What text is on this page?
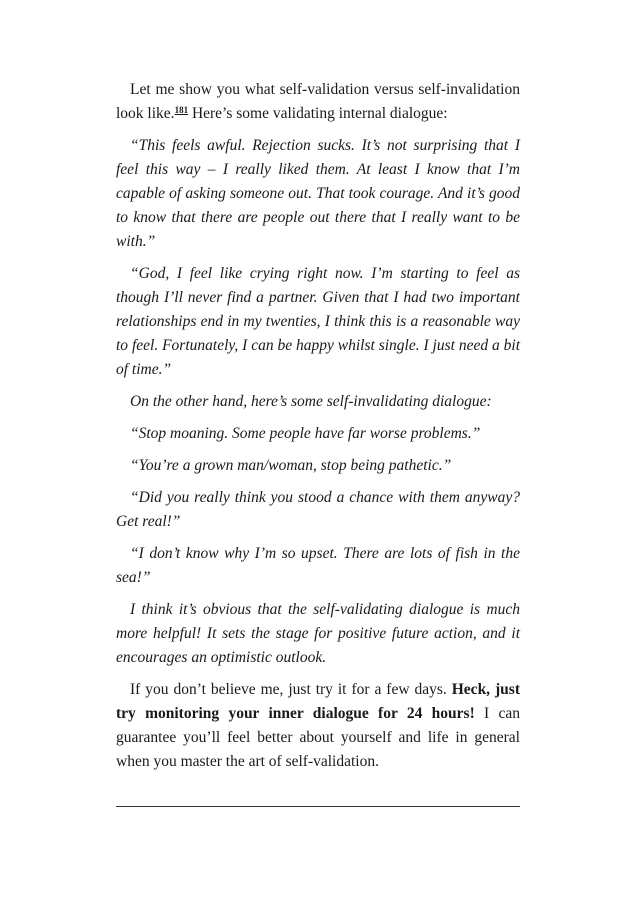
Let me show you what self-validation versus self-invalidation look like.$^{181}$ Here’s some validating internal dialogue:

“This feels awful. Rejection sucks. It’s not surprising that I feel this way – I really liked them. At least I know that I’m capable of asking someone out. That took courage. And it’s good to know that there are people out there that I really want to be with.”

“God, I feel like crying right now. I’m starting to feel as though I’ll never find a partner. Given that I had two important relationships end in my twenties, I think this is a reasonable way to feel. Fortunately, I can be happy whilst single. I just need a bit of time.”

On the other hand, here’s some self-invalidating dialogue:

“Stop moaning. Some people have far worse problems.”

“You’re a grown man/woman, stop being pathetic.”

“Did you really think you stood a chance with them anyway? Get real!”

“I don’t know why I’m so upset. There are lots of fish in the sea!”

I think it’s obvious that the self-validating dialogue is much more helpful! It sets the stage for positive future action, and it encourages an optimistic outlook.

If you don’t believe me, just try it for a few days. Heck, just try monitoring your inner dialogue for 24 hours! I can guarantee you’ll feel better about yourself and life in general when you master the art of self-validation.
